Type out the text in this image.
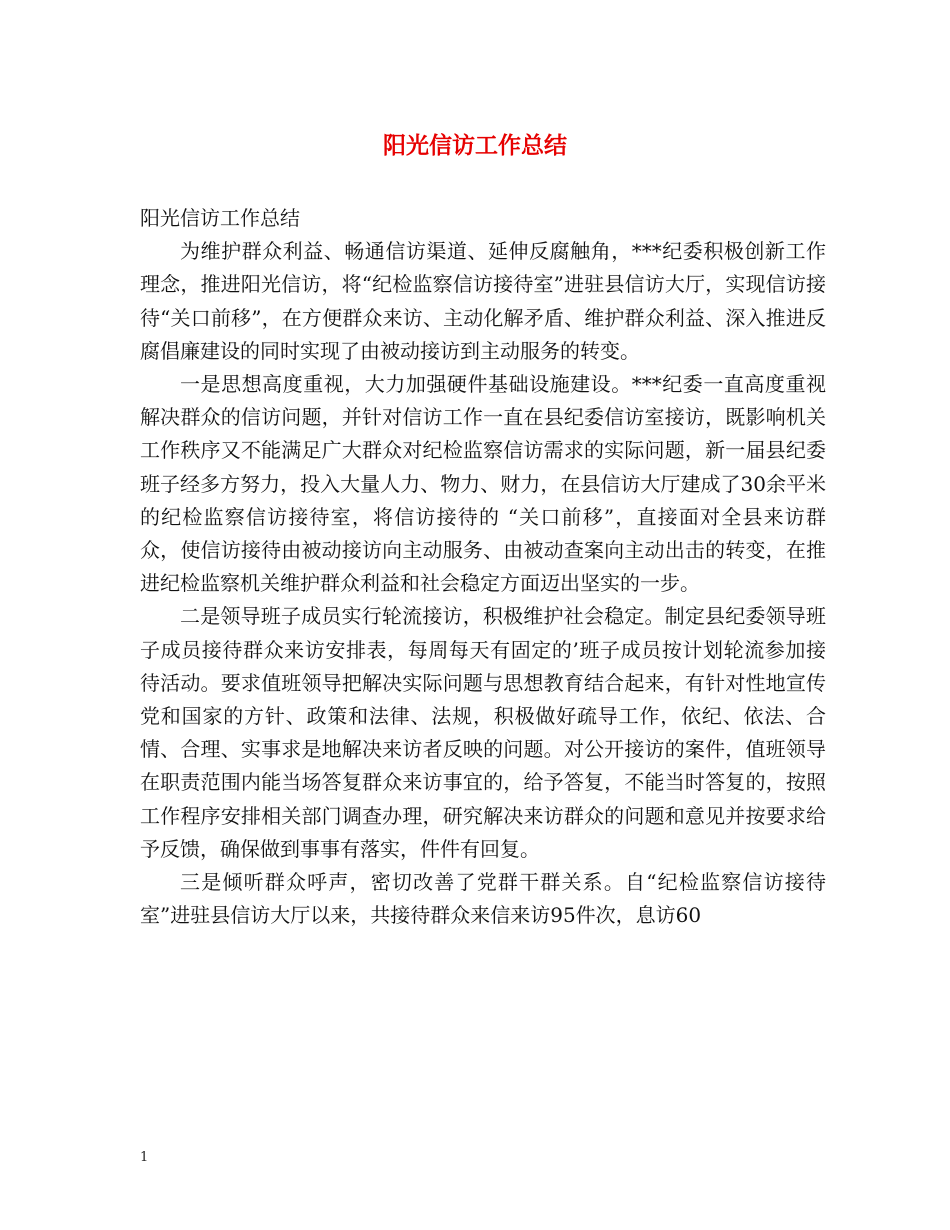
阳光信访工作总结

阳光信访工作总结

为维护群众利益、畅通信访渠道、延伸反腐触角，***纪委积极创新工作理念，推进阳光信访，将“纪检监察信访接待室”进驻县信访大厅，实现信访接待“关口前移”，在方便群众来访、主动化解矛盾、维护群众利益、深入推进反腐倡廉建设的同时实现了由被动接访到主动服务的转变。

一是思想高度重视，大力加强硬件基础设施建设。***纪委一直高度重视解决群众的信访问题，并针对信访工作一直在县纪委信访室接访，既影响机关工作秩序又不能满足广大群众对纪检监察信访需求的实际问题，新一届县纪委班子经多方努力，投入大量人力、物力、财力，在县信访大厅建成了30余平米的纪检监察信访接待室，将信访接待的 “关口前移”，直接面对全县来访群众，使信访接待由被动接访向主动服务、由被动查案向主动出击的转变，在推进纪检监察机关维护群众利益和社会稳定方面迈出坚实的一步。

二是领导班子成员实行轮流接访，积极维护社会稳定。制定县纪委领导班子成员接待群众来访安排表，每周每天有固定的’班子成员按计划轮流参加接待活动。要求值班领导把解决实际问题与思想教育结合起来，有针对性地宣传党和国家的方针、政策和法律、法规，积极做好疏导工作，依纪、依法、合情、合理、实事求是地解决来访者反映的问题。对公开接访的案件，值班领导在职责范围内能当场答复群众来访事宜的，给予答复，不能当时答复的，按照工作程序安排相关部门调查办理，研究解决来访群众的问题和意见并按要求给予反馈，确保做到事事有落实，件件有回复。

三是倾听群众呼声，密切改善了党群干群关系。自“纪检监察信访接待室”进驻县信访大厅以来，共接待群众来信来访95件次，息访60

1
